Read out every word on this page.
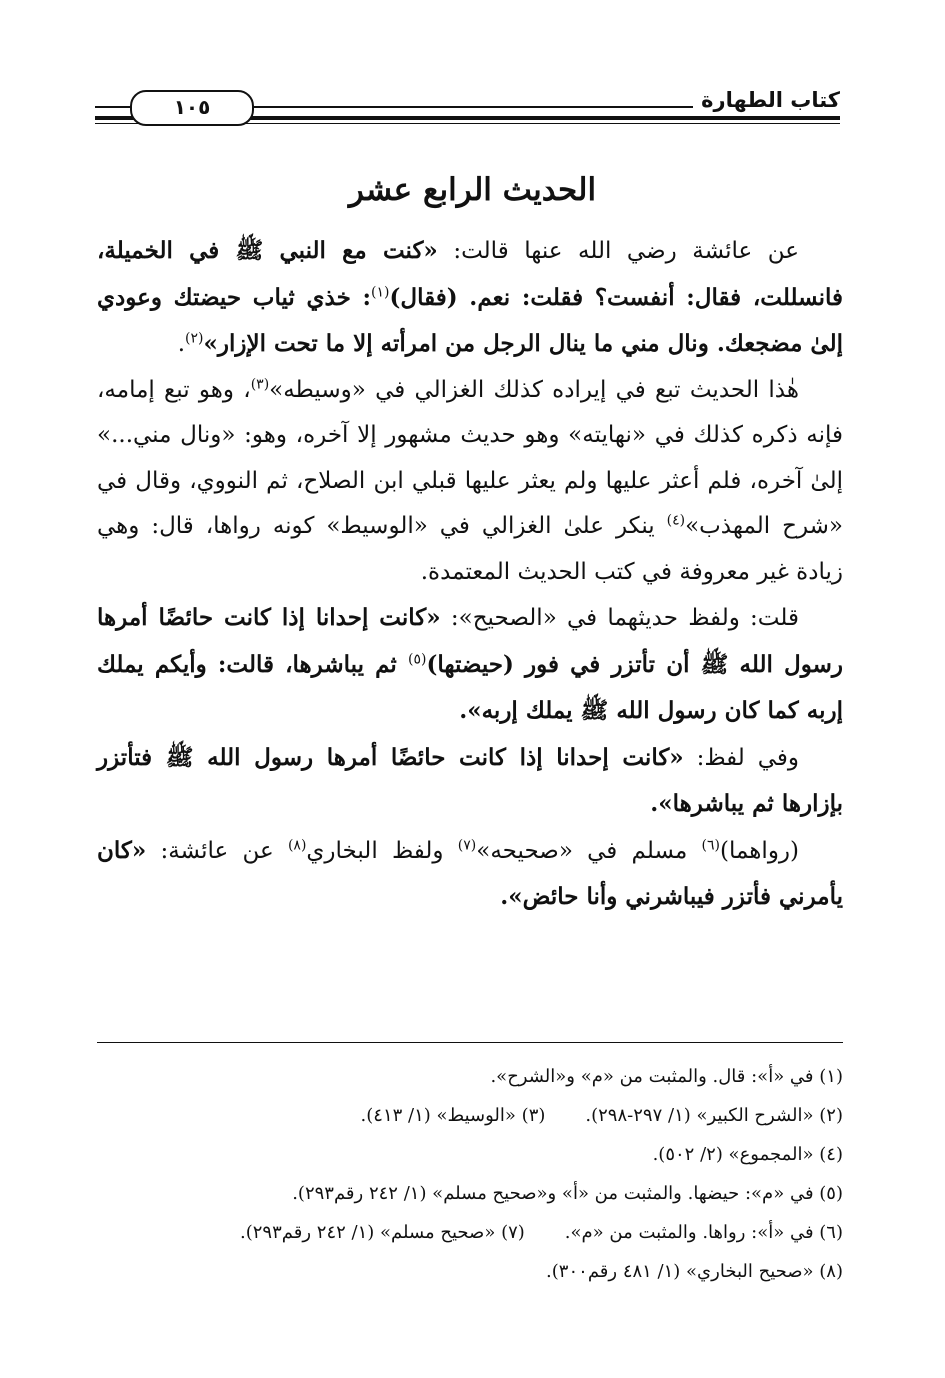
كتاب الطهارة
١٠٥
الحديث الرابع عشر

عن عائشة رضي الله عنها قالت: «كنت مع النبي ﷺ في الخميلة، فانسللت، فقال: أنفست؟ فقلت: نعم. (فقال)$^{(١)}$: خذي ثياب حيضتك وعودي إلىٰ مضجعك. ونال مني ما ينال الرجل من امرأته إلا ما تحت الإزار»$^{(٢)}$.

هٰذا الحديث تبع في إيراده كذلك الغزالي في «وسيطه»$^{(٣)}$، وهو تبع إمامه، فإنه ذكره كذلك في «نهايته» وهو حديث مشهور إلا آخره، وهو: «ونال مني...» إلىٰ آخره، فلم أعثر عليها ولم يعثر عليها قبلي ابن الصلاح، ثم النووي، وقال في «شرح المهذب»$^{(٤)}$ ينكر علىٰ الغزالي في «الوسيط» كونه رواها، قال: وهي زيادة غير معروفة في كتب الحديث المعتمدة.

قلت: ولفظ حديثهما في «الصحيح»: «كانت إحدانا إذا كانت حائضًا أمرها رسول الله ﷺ أن تأتزر في فور (حيضتها)$^{(٥)}$ ثم يباشرها، قالت: وأيكم يملك إربه كما كان رسول الله ﷺ يملك إربه».

وفي لفظ: «كانت إحدانا إذا كانت حائضًا أمرها رسول الله ﷺ فتأتزر بإزارها ثم يباشرها».

(رواهما)$^{(٦)}$ مسلم في «صحيحه»$^{(٧)}$ ولفظ البخاري$^{(٨)}$ عن عائشة: «كان يأمرني فأتزر فيباشرني وأنا حائض».

(١) في «أ»: قال. والمثبت من «م» و«الشرح».
(٢) «الشرح الكبير» (١/ ٢٩٧-٢٩٨).(٣) «الوسيط» (١/ ٤١٣).
(٤) «المجموع» (٢/ ٥٠٢).
(٥) في «م»: حيضها. والمثبت من «أ» و«صحيح مسلم» (١/ ٢٤٢ رقم٢٩٣).
(٦) في «أ»: رواها. والمثبت من «م».(٧) «صحيح مسلم» (١/ ٢٤٢ رقم٢٩٣).
(٨) «صحيح البخاري» (١/ ٤٨١ رقم٣٠٠).
